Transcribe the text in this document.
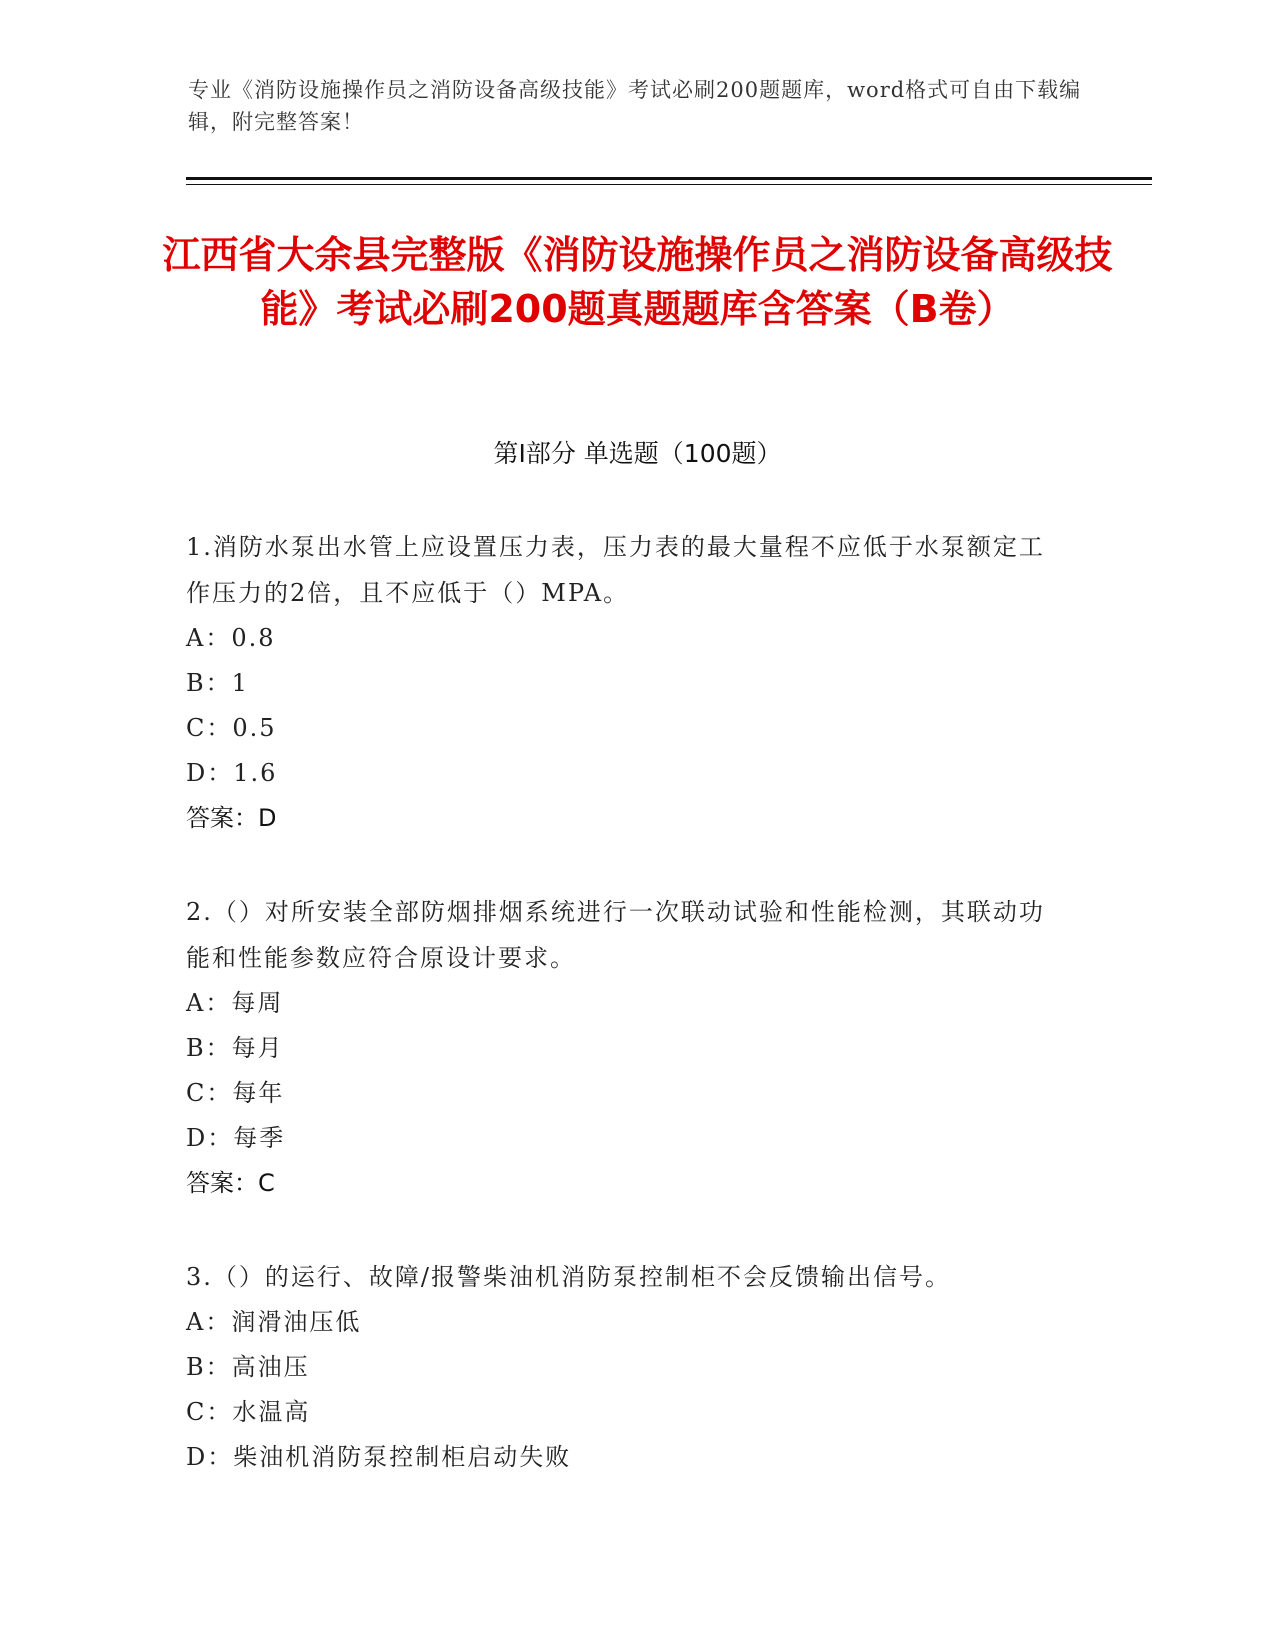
专业《消防设施操作员之消防设备高级技能》考试必刷200题题库，word格式可自由下载编辑，附完整答案！
江西省大余县完整版《消防设施操作员之消防设备高级技能》考试必刷200题真题题库含答案（B卷）
第Ⅰ部分 单选题（100题）
1.消防水泵出水管上应设置压力表，压力表的最大量程不应低于水泵额定工作压力的2倍，且不应低于（）MPA。
A：0.8
B：1
C：0.5
D：1.6
答案：D
2.（）对所安装全部防烟排烟系统进行一次联动试验和性能检测，其联动功能和性能参数应符合原设计要求。
A：每周
B：每月
C：每年
D：每季
答案：C
3.（）的运行、故障/报警柴油机消防泵控制柜不会反馈输出信号。
A：润滑油压低
B：高油压
C：水温高
D：柴油机消防泵控制柜启动失败
